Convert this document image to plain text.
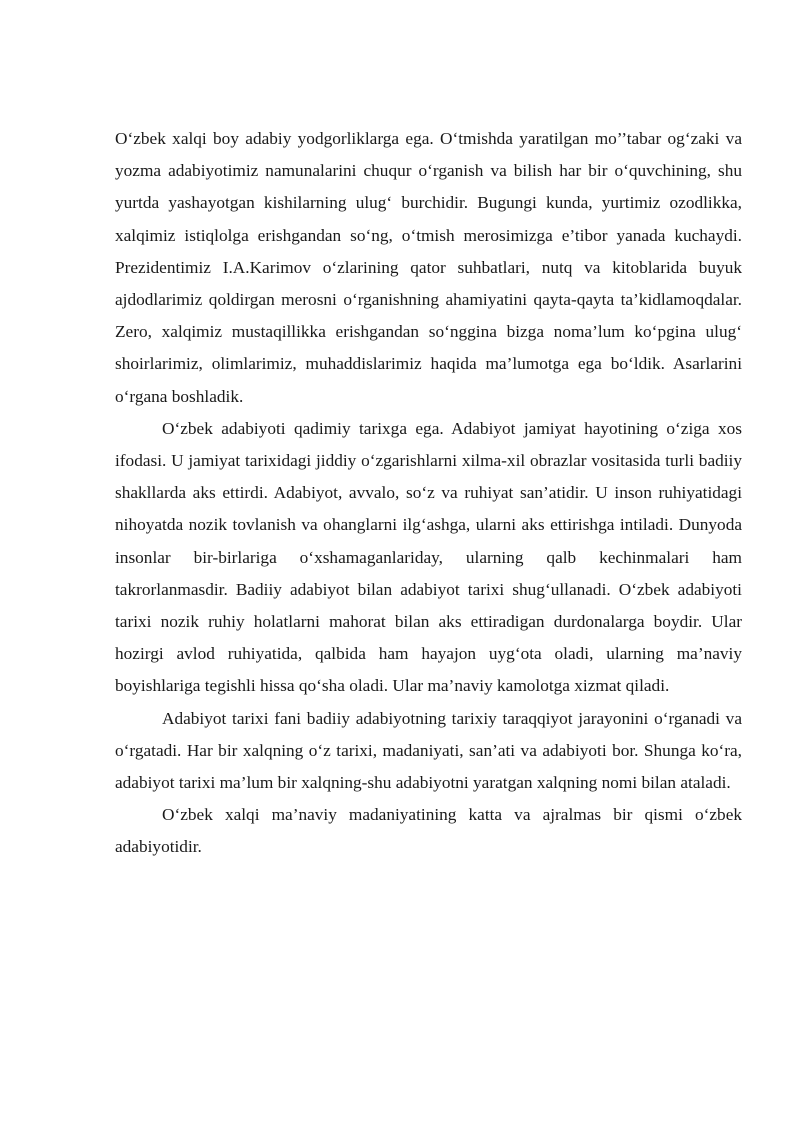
O‘zbek xalqi boy adabiy yodgorliklarga ega. O‘tmishda yaratilgan mo’’tabar og‘zaki va yozma adabiyotimiz namunalarini chuqur o‘rganish va bilish har bir o‘quvchining, shu yurtda yashayotgan kishilarning ulug‘ burchidir. Bugungi kunda, yurtimiz ozodlikka, xalqimiz istiqlolga erishgandan so‘ng, o‘tmish merosimizga e’tibor yanada kuchaydi. Prezidentimiz I.A.Karimov o‘zlarining qator suhbatlari, nutq va kitoblarida buyuk ajdodlarimiz qoldirgan merosni o‘rganishning ahamiyatini qayta-qayta ta’kidlamoqdalar. Zero, xalqimiz mustaqillikka erishgandan so‘nggina bizga noma’lum ko‘pgina ulug‘ shoirlarimiz, olimlarimiz, muhaddislarimiz haqida ma’lumotga ega bo‘ldik. Asarlarini o‘rgana boshladik.

O‘zbek adabiyoti qadimiy tarixga ega. Adabiyot jamiyat hayotining o‘ziga xos ifodasi. U jamiyat tarixidagi jiddiy o‘zgarishlarni xilma-xil obrazlar vositasida turli badiiy shakllarda aks ettirdi. Adabiyot, avvalo, so‘z va ruhiyat san’atidir. U inson ruhiyatidagi nihoyatda nozik tovlanish va ohanglarni ilg‘ashga, ularni aks ettirishga intiladi. Dunyoda insonlar bir-birlariga o‘xshamaganlariday, ularning qalb kechinmalari ham takrorlanmasdir. Badiiy adabiyot bilan adabiyot tarixi shug‘ullanadi. O‘zbek adabiyoti tarixi nozik ruhiy holatlarni mahorat bilan aks ettiradigan durdonalarga boydir. Ular hozirgi avlod ruhiyatida, qalbida ham hayajon uyg‘ota oladi, ularning ma’naviy boyishlariga tegishli hissa qo‘sha oladi. Ular ma’naviy kamolotga xizmat qiladi.

Adabiyot tarixi fani badiiy adabiyotning tarixiy taraqqiyot jarayonini o‘rganadi va o‘rgatadi. Har bir xalqning o‘z tarixi, madaniyati, san’ati va adabiyoti bor. Shunga ko‘ra, adabiyot tarixi ma’lum bir xalqning-shu adabiyotni yaratgan xalqning nomi bilan ataladi.

O‘zbek xalqi ma’naviy madaniyatining katta va ajralmas bir qismi o‘zbek adabiyotidir.
